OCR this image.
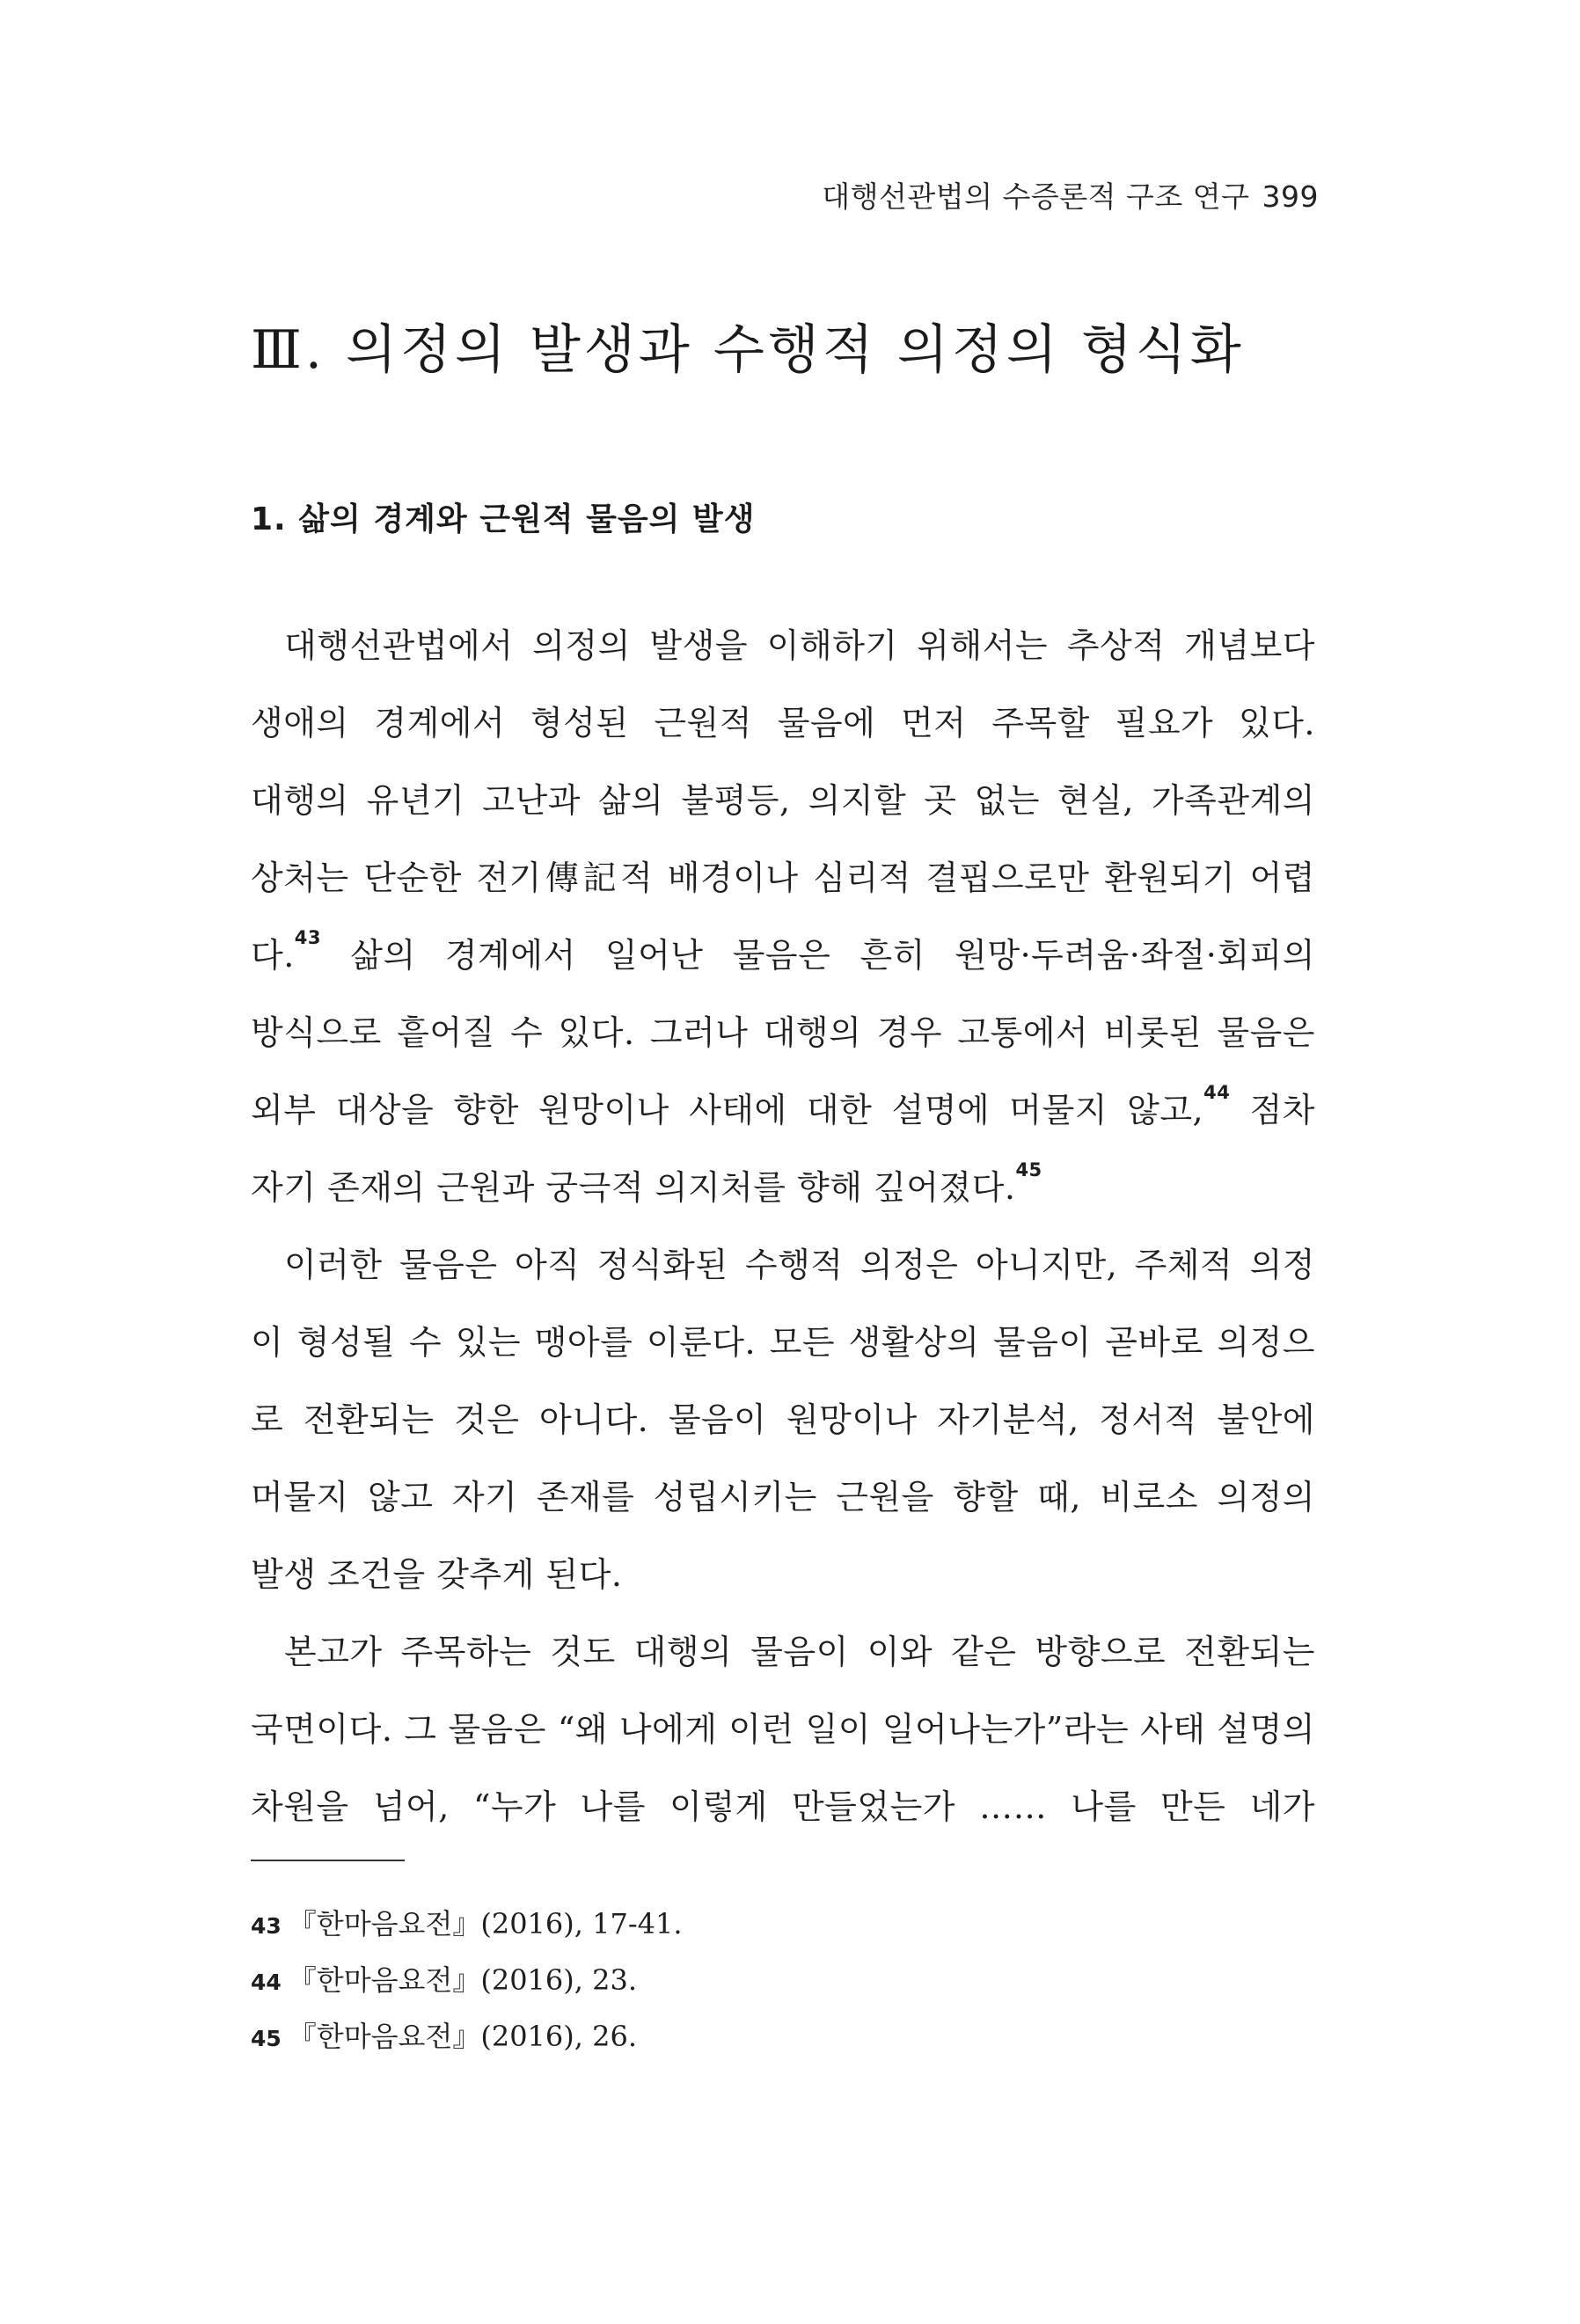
대행선관법의 수증론적 구조 연구 399
Ⅲ. 의정의 발생과 수행적 의정의 형식화
1. 삶의 경계와 근원적 물음의 발생
대행선관법에서 의정의 발생을 이해하기 위해서는 추상적 개념보다
생애의 경계에서 형성된 근원적 물음에 먼저 주목할 필요가 있다.
대행의 유년기 고난과 삶의 불평등, 의지할 곳 없는 현실, 가족관계의
상처는 단순한 전기傳記적 배경이나 심리적 결핍으로만 환원되기 어렵
다.$^{43}$ 삶의 경계에서 일어난 물음은 흔히 원망·두려움·좌절·회피의
방식으로 흩어질 수 있다. 그러나 대행의 경우 고통에서 비롯된 물음은
외부 대상을 향한 원망이나 사태에 대한 설명에 머물지 않고,$^{44}$ 점차
자기 존재의 근원과 궁극적 의지처를 향해 깊어졌다.$^{45}$
이러한 물음은 아직 정식화된 수행적 의정은 아니지만, 주체적 의정
이 형성될 수 있는 맹아를 이룬다. 모든 생활상의 물음이 곧바로 의정으
로 전환되는 것은 아니다. 물음이 원망이나 자기분석, 정서적 불안에
머물지 않고 자기 존재를 성립시키는 근원을 향할 때, 비로소 의정의
발생 조건을 갖추게 된다.
본고가 주목하는 것도 대행의 물음이 이와 같은 방향으로 전환되는
국면이다. 그 물음은 “왜 나에게 이런 일이 일어나는가”라는 사태 설명의
차원을 넘어, “누가 나를 이렇게 만들었는가 …… 나를 만든 네가
43 『한마음요전』(2016), 17-41.
44 『한마음요전』(2016), 23.
45 『한마음요전』(2016), 26.
